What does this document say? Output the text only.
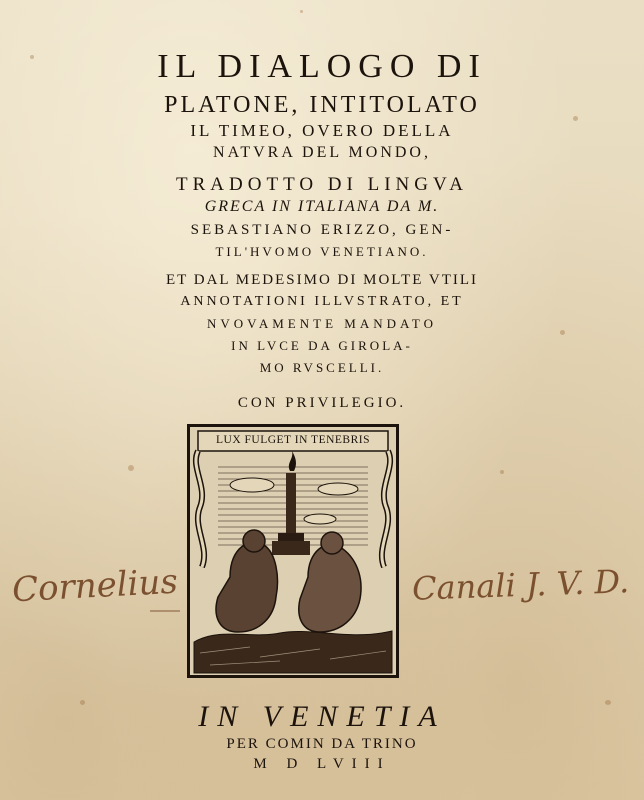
IL DIALOGO DI
PLATONE, INTITOLATO
IL TIMEO, OVERO DELLA
NATVRA DEL MONDO,
TRADOTTO DI LINGVA
GRECA IN ITALIANA DA M.
SEBASTIANO ERIZZO, GEN-
TIL'HVOMO VENETIANO.
ET DAL MEDESIMO DI MOLTE VTILI
ANNOTATIONI ILLVSTRATO, ET
NVOVAMENTE MANDATO
IN LVCE DA GIROLA-
MO RVSCELLI.
CON PRIVILEGIO.
LUX FULGET IN TENEBRIS
Cornelius	Canali J. V. D.
IN VENETIA
PER COMIN DA TRINO
M D LVIII
